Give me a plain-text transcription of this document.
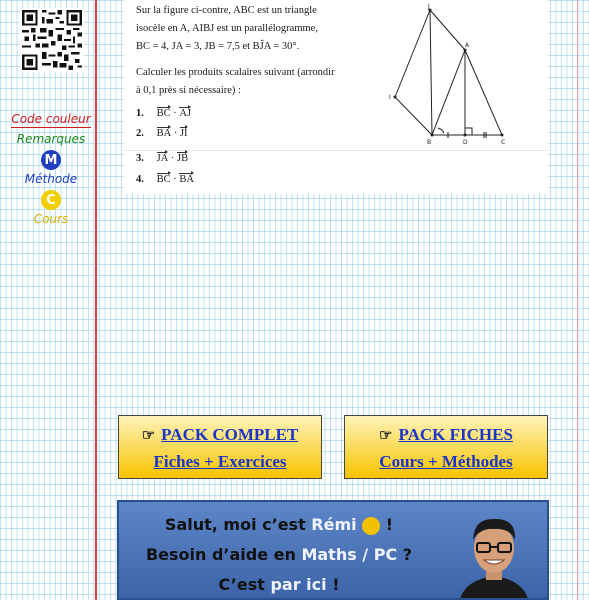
Code couleur
Remarques
M
Méthode
C
Cours

Sur la figure ci-contre, ABC est un triangle

isocèle en A, AIBJ est un parallélogramme,

BC = 4, JA = 3, JB = 7,5 et BĴA = 30°.

Calculer les produits scalaires suivant (arrondir

à 0,1 près si nécessaire) :

1. BC · AJ
2. BA · JI
3. JA · JB
4. BC · BA
J
A
I
B	D	C
☞ PACK COMPLET
Fiches + Exercices
☞ PACK FICHES
Cours + Méthodes
Salut, moi c’est Rémi  !
Besoin d’aide en Maths / PC ?
C’est par ici !
